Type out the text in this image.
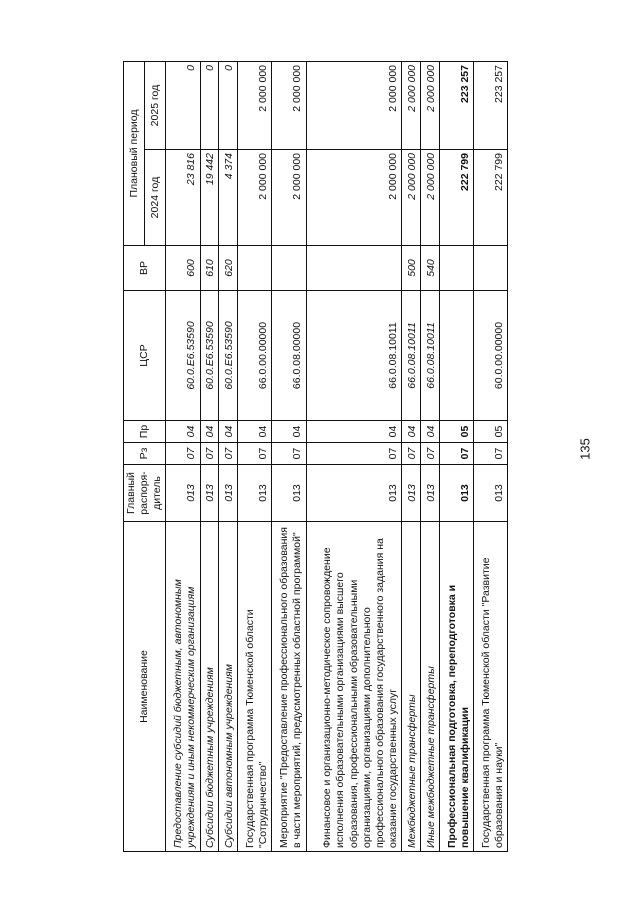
135
Наименование	Главный распоря-дитель	Рз	Пр	ЦСР	ВР	Плановый период	
						2024 год	2025 год
Предоставление субсидий бюджетным, автономным учреждениям и иным некоммерческим организациям	013	07	04	60.0.E6.53590	600	23 816	0
Субсидии бюджетным учреждениям	013	07	04	60.0.E6.53590	610	19 442	0
Субсидии автономным учреждениям	013	07	04	60.0.E6.53590	620	4 374	0
Государственная программа Тюменской области "Сотрудничество"	013	07	04	66.0.00.00000		2 000 000	2 000 000
Мероприятие "Предоставление профессионального образования в части мероприятий, предусмотренных областной программой"	013	07	04	66.0.08.00000		2 000 000	2 000 000
Финансовое и организационно-методическое сопровождение исполнения образовательными организациями высшего образования, профессиональными образовательными организациями, организациями дополнительного профессионального образования государственного задания на оказание государственных услуг	013	07	04	66.0.08.10011		2 000 000	2 000 000
Межбюджетные трансферты	013	07	04	66.0.08.10011	500	2 000 000	2 000 000
Иные межбюджетные трансферты	013	07	04	66.0.08.10011	540	2 000 000	2 000 000
Профессиональная подготовка, переподготовка и повышение квалификации	013	07	05			222 799	223 257
Государственная программа Тюменской области "Развитие образования и науки"	013	07	05	60.0.00.00000		222 799	223 257
